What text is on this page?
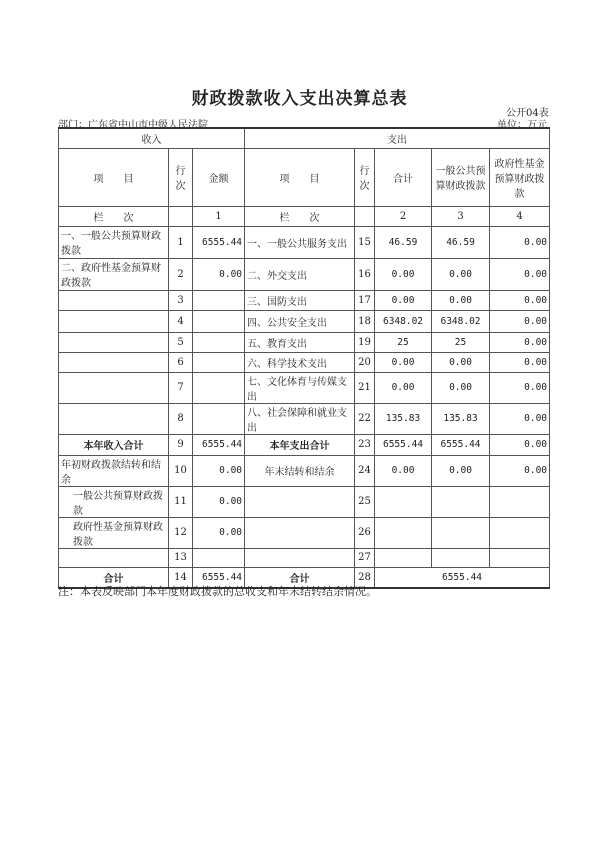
财政拨款收入支出决算总表
公开04表
部门：广东省中山市中级人民法院	单位：万元
收入			支出				
项　　目	行次	金额	项　　目	行次	合计	一般公共预算财政拨款	政府性基金预算财政拨款
栏　　次		1	栏　　次		2	3	4
一、一般公共预算财政拨款	1	6555.44	一、一般公共服务支出	15	46.59	46.59	0.00
二、政府性基金预算财政拨款	2	0.00	二、外交支出	16	0.00	0.00	0.00
	3		三、国防支出	17	0.00	0.00	0.00
	4		四、公共安全支出	18	6348.02	6348.02	0.00
	5		五、教育支出	19	25	25	0.00
	6		六、科学技术支出	20	0.00	0.00	0.00
	7		七、文化体育与传媒支出	21	0.00	0.00	0.00
	8		八、社会保障和就业支出	22	135.83	135.83	0.00
本年收入合计	9	6555.44	本年支出合计	23	6555.44	6555.44	0.00
年初财政拨款结转和结余	10	0.00	年末结转和结余	24	0.00	0.00	0.00
一般公共预算财政拨款	11	0.00		25			
政府性基金预算财政拨款	12	0.00		26			
	13			27			
合计	14	6555.44	合计	28	6555.44		
注：本表反映部门本年度财政拨款的总收支和年末结转结余情况。
